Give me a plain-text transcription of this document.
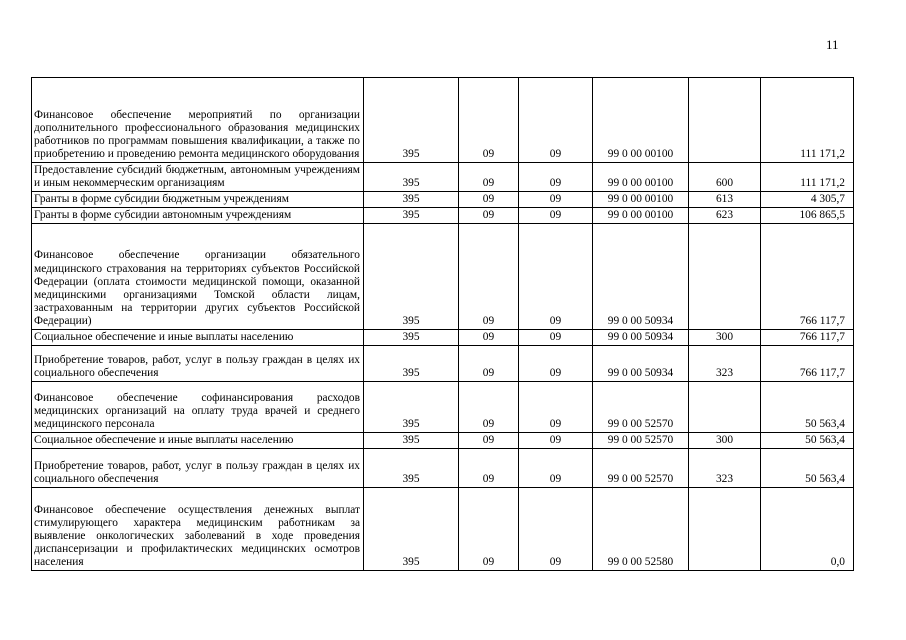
11
Финансовое обеспечение мероприятий по организации дополнительного профессионального образования медицинских работников по программам повышения квалификации, а также по приобретению и проведению ремонта медицинского оборудования	395	09	09	99 0 00 00100		111 171,2
Предоставление субсидий бюджетным, автономным учреждениям и иным некоммерческим организациям	395	09	09	99 0 00 00100	600	111 171,2
Гранты в форме субсидии бюджетным учреждениям	395	09	09	99 0 00 00100	613	4 305,7
Гранты в форме субсидии автономным учреждениям	395	09	09	99 0 00 00100	623	106 865,5
Финансовое обеспечение организации обязательного медицинского страхования на территориях субъектов Российской Федерации (оплата стоимости медицинской помощи, оказанной медицинскими организациями Томской области лицам, застрахованным на территории других субъектов Российской Федерации)	395	09	09	99 0 00 50934		766 117,7
Социальное обеспечение и иные выплаты населению	395	09	09	99 0 00 50934	300	766 117,7
Приобретение товаров, работ, услуг в пользу граждан в целях их социального обеспечения	395	09	09	99 0 00 50934	323	766 117,7
Финансовое обеспечение софинансирования расходов медицинских организаций на оплату труда врачей и среднего медицинского персонала	395	09	09	99 0 00 52570		50 563,4
Социальное обеспечение и иные выплаты населению	395	09	09	99 0 00 52570	300	50 563,4
Приобретение товаров, работ, услуг в пользу граждан в целях их социального обеспечения	395	09	09	99 0 00 52570	323	50 563,4
Финансовое обеспечение осуществления денежных выплат стимулирующего характера медицинским работникам за выявление онкологических заболеваний в ходе проведения диспансеризации и профилактических медицинских осмотров населения	395	09	09	99 0 00 52580		0,0
